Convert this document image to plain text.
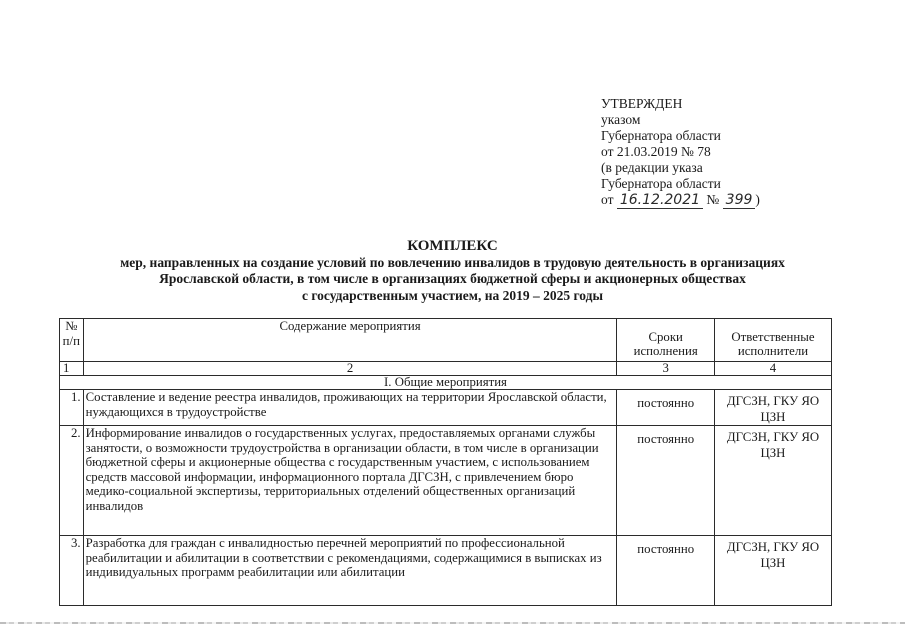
УТВЕРЖДЕН
указом
Губернатора области
от 21.03.2019 № 78
(в редакции указа
Губернатора области
от 16.12.2021 № 399 )
КОМПЛЕКС
мер, направленных на создание условий по вовлечению инвалидов в трудовую деятельность в организациях
Ярославской области, в том числе в организациях бюджетной сферы и акционерных обществах
с государственным участием, на 2019 – 2025 годы
№ п/п	Содержание мероприятия	Сроки исполнения	Ответственные исполнители
1	2	3	4
I. Общие мероприятия			
1.	Составление и ведение реестра инвалидов, проживающих на территории Ярославской области, нуждающихся в трудоустройстве	постоянно	ДГСЗН, ГКУ ЯО ЦЗН
2.	Информирование инвалидов о государственных услугах, предоставляемых органами службы занятости, о возможности трудоустройства в организации области, в том числе в организации бюджетной сферы и акционерные общества с государственным участием, с использованием средств массовой информации, информационного портала ДГСЗН, с привлечением бюро медико-социальной экспертизы, территориальных отделений общественных организаций инвалидов	постоянно	ДГСЗН, ГКУ ЯО ЦЗН
3.	Разработка для граждан с инвалидностью перечней мероприятий по профессиональной реабилитации и абилитации в соответствии с рекомендациями, содержащимися в выписках из индивидуальных программ реабилитации или абилитации	постоянно	ДГСЗН, ГКУ ЯО ЦЗН
